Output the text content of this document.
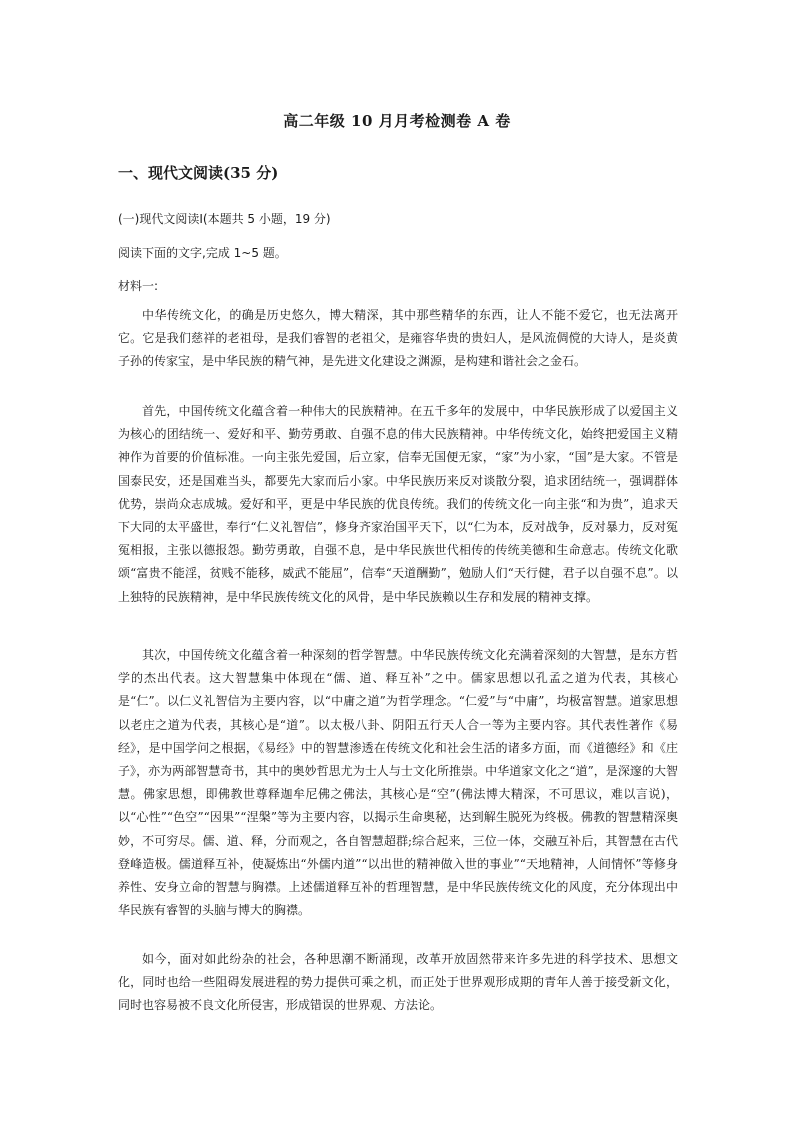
高二年级 10 月月考检测卷 A 卷
一、现代文阅读(35 分)
(一)现代文阅读Ⅰ(本题共 5 小题，19 分)
阅读下面的文字,完成 1~5 题。
材料一:

中华传统文化，的确是历史悠久，博大精深，其中那些精华的东西，让人不能不爱它，也无法离开它。它是我们慈祥的老祖母，是我们睿智的老祖父，是雍容华贵的贵妇人，是风流倜傥的大诗人，是炎黄子孙的传家宝，是中华民族的精气神，是先进文化建设之渊源，是构建和谐社会之金石。

首先，中国传统文化蕴含着一种伟大的民族精神。在五千多年的发展中，中华民族形成了以爱国主义为核心的团结统一、爱好和平、勤劳勇敢、自强不息的伟大民族精神。中华传统文化，始终把爱国主义精神作为首要的价值标准。一向主张先爱国，后立家，信奉无国便无家，“家”为小家，“国”是大家。不管是国泰民安，还是国难当头，都要先大家而后小家。中华民族历来反对谈散分裂，追求团结统一，强调群体优势，崇尚众志成城。爱好和平，更是中华民族的优良传统。我们的传统文化一向主张“和为贵”，追求天下大同的太平盛世，奉行“仁义礼智信”，修身齐家治国平天下，以“仁为本，反对战争，反对暴力，反对冤冤相报，主张以德报怨。勤劳勇敢，自强不息，是中华民族世代相传的传统美德和生命意志。传统文化歌颂“富贵不能淫，贫贱不能移，威武不能屈”，信奉“天道酬勤”，勉励人们“天行健，君子以自强不息”。以上独特的民族精神，是中华民族传统文化的风骨，是中华民族赖以生存和发展的精神支撑。

其次，中国传统文化蕴含着一种深刻的哲学智慧。中华民族传统文化充满着深刻的大智慧，是东方哲学的杰出代表。这大智慧集中体现在“儒、道、释互补”之中。儒家思想以孔孟之道为代表，其核心是“仁”。以仁义礼智信为主要内容，以“中庸之道”为哲学理念。“仁爱”与“中庸”，均极富智慧。道家思想以老庄之道为代表，其核心是“道”。以太极八卦、阴阳五行天人合一等为主要内容。其代表性著作《易经》，是中国学问之根据，《易经》中的智慧渗透在传统文化和社会生活的诸多方面，而《道德经》和《庄子》，亦为两部智慧奇书，其中的奥妙哲思尤为士人与士文化所推崇。中华道家文化之“道”，是深邃的大智慧。佛家思想，即佛教世尊释迦牟尼佛之佛法，其核心是“空”(佛法博大精深，不可思议，难以言说)，以“心性”“色空”“因果”“涅槃”等为主要内容，以揭示生命奥秘，达到解生脱死为终极。佛教的智慧精深奥妙，不可穷尽。儒、道、释，分而观之，各自智慧超群;综合起来，三位一体，交融互补后，其智慧在古代登峰造极。儒道释互补，使凝炼出“外儒内道”“以出世的精神做入世的事业”“天地精神，人间情怀”等修身养性、安身立命的智慧与胸襟。上述儒道释互补的哲理智慧，是中华民族传统文化的风度，充分体现出中华民族有睿智的头脑与博大的胸襟。

如今，面对如此纷杂的社会，各种思潮不断涌现，改革开放固然带来许多先进的科学技术、思想文化，同时也给一些阻碍发展进程的势力提供可乘之机，而正处于世界观形成期的青年人善于接受新文化，同时也容易被不良文化所侵害，形成错误的世界观、方法论。
